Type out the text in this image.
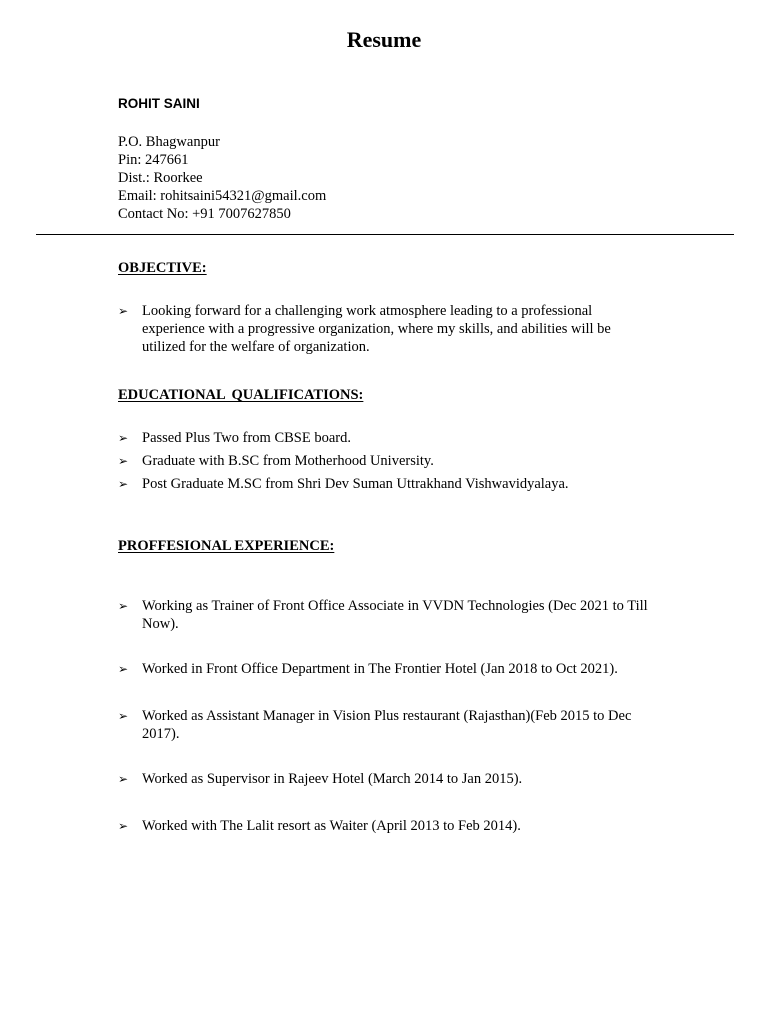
Resume
ROHIT SAINI
P.O. Bhagwanpur
Pin: 247661
Dist.: Roorkee
Email: rohitsaini54321@gmail.com
Contact No: +91 7007627850
OBJECTIVE:
➢ Looking forward for a challenging work atmosphere leading to a professional experience with a progressive organization, where my skills, and abilities will be utilized for the welfare of organization.
EDUCATIONAL QUALIFICATIONS:
➢ Passed Plus Two from CBSE board.
➢ Graduate with B.SC from Motherhood University.
➢ Post Graduate M.SC from Shri Dev Suman Uttrakhand Vishwavidyalaya.
PROFFESIONAL EXPERIENCE:
➢ Working as Trainer of Front Office Associate in VVDN Technologies (Dec 2021 to Till Now).
➢ Worked in Front Office Department in The Frontier Hotel (Jan 2018 to Oct 2021).
➢ Worked as Assistant Manager in Vision Plus restaurant (Rajasthan)(Feb 2015 to Dec 2017).
➢ Worked as Supervisor in Rajeev Hotel (March 2014 to Jan 2015).
➢ Worked with The Lalit resort as Waiter (April 2013 to Feb 2014).
